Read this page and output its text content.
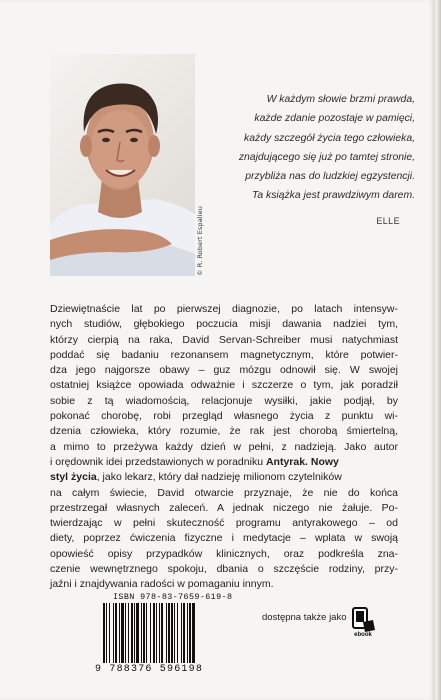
© R. Robert Espalieu
W każdym słowie brzmi prawda,
każde zdanie pozostaje w pamięci,
każdy szczegół życia tego człowieka,
znajdującego się już po tamtej stronie,
przybliża nas do ludzkiej egzystencji.
Ta książka jest prawdziwym darem.
ELLE
Dziewiętnaście lat po pierwszej diagnozie, po latach intensyw-
nych studiów, głębokiego poczucia misji dawania nadziei tym,
którzy cierpią na raka, David Servan-Schreiber musi natychmiast
poddać się badaniu rezonansem magnetycznym, które potwier-
dza jego najgorsze obawy – guz mózgu odnowił się. W swojej
ostatniej książce opowiada odważnie i szczerze o tym, jak poradził
sobie z tą wiadomością, relacjonuje wysiłki, jakie podjął, by
pokonać chorobę, robi przegląd własnego życia z punktu wi-
dzenia człowieka, który rozumie, że rak jest chorobą śmiertelną,
a mimo to przeżywa każdy dzień w pełni, z nadzieją. Jako autor
i orędownik idei przedstawionych w poradniku Antyrak. Nowy
styl życia, jako lekarz, który dał nadzieję milionom czytelników
na całym świecie, David otwarcie przyznaje, że nie do końca
przestrzegał własnych zaleceń. A jednak niczego nie żałuje. Po-
twierdzając w pełni skuteczność programu antyrakowego – od
diety, poprzez ćwiczenia fizyczne i medytacje – wplata w swoją
opowieść opisy przypadków klinicznych, oraz podkreśla zna-
czenie wewnętrznego spokoju, dbania o szczęście rodziny, przy-
jaźni i znajdywania radości w pomaganiu innym.
ISBN 978-83-7659-619-8
9 788376 596198
dostępna także jako
ebook
